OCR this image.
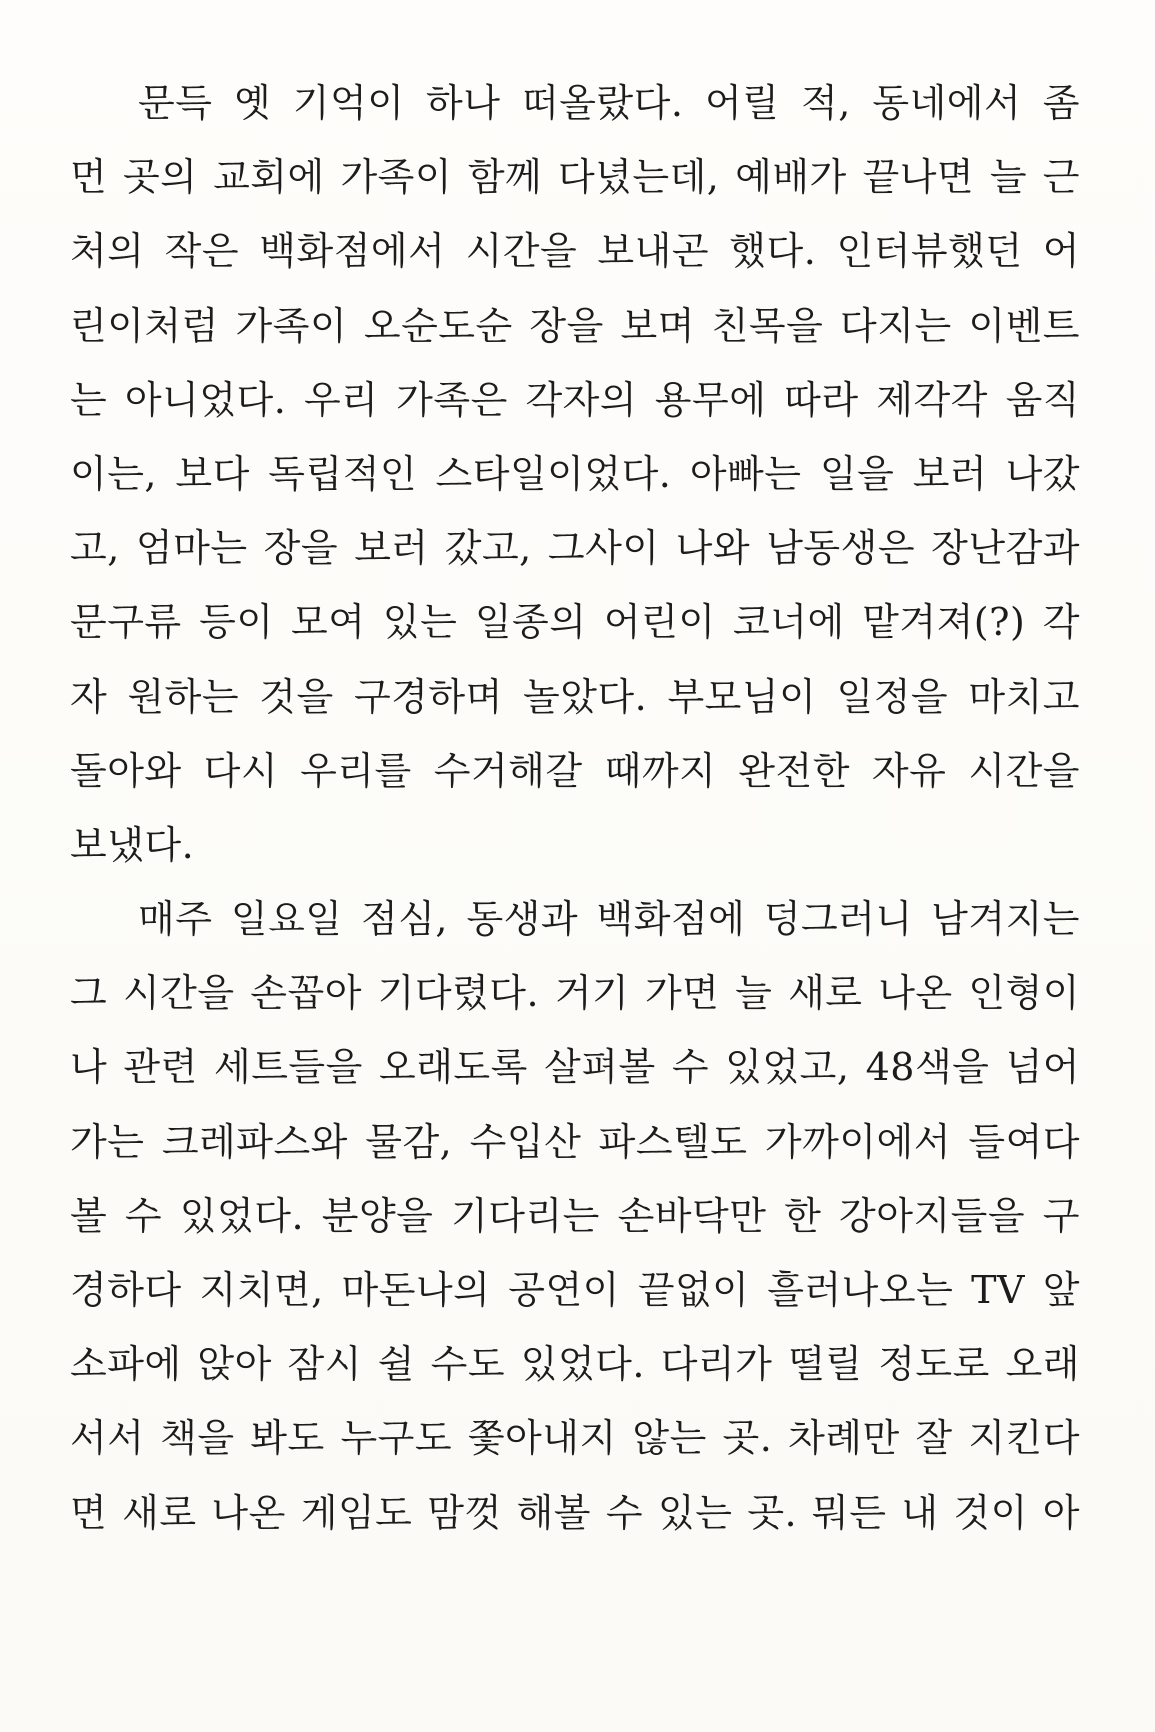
문득 옛 기억이 하나 떠올랐다. 어릴 적, 동네에서 좀
먼 곳의 교회에 가족이 함께 다녔는데, 예배가 끝나면 늘 근
처의 작은 백화점에서 시간을 보내곤 했다. 인터뷰했던 어
린이처럼 가족이 오순도순 장을 보며 친목을 다지는 이벤트
는 아니었다. 우리 가족은 각자의 용무에 따라 제각각 움직
이는, 보다 독립적인 스타일이었다. 아빠는 일을 보러 나갔
고, 엄마는 장을 보러 갔고, 그사이 나와 남동생은 장난감과
문구류 등이 모여 있는 일종의 어린이 코너에 맡겨져(?) 각
자 원하는 것을 구경하며 놀았다. 부모님이 일정을 마치고
돌아와 다시 우리를 수거해갈 때까지 완전한 자유 시간을
보냈다.
매주 일요일 점심, 동생과 백화점에 덩그러니 남겨지는
그 시간을 손꼽아 기다렸다. 거기 가면 늘 새로 나온 인형이
나 관련 세트들을 오래도록 살펴볼 수 있었고, 48색을 넘어
가는 크레파스와 물감, 수입산 파스텔도 가까이에서 들여다
볼 수 있었다. 분양을 기다리는 손바닥만 한 강아지들을 구
경하다 지치면, 마돈나의 공연이 끝없이 흘러나오는 TV 앞
소파에 앉아 잠시 쉴 수도 있었다. 다리가 떨릴 정도로 오래
서서 책을 봐도 누구도 쫓아내지 않는 곳. 차례만 잘 지킨다
면 새로 나온 게임도 맘껏 해볼 수 있는 곳. 뭐든 내 것이 아
